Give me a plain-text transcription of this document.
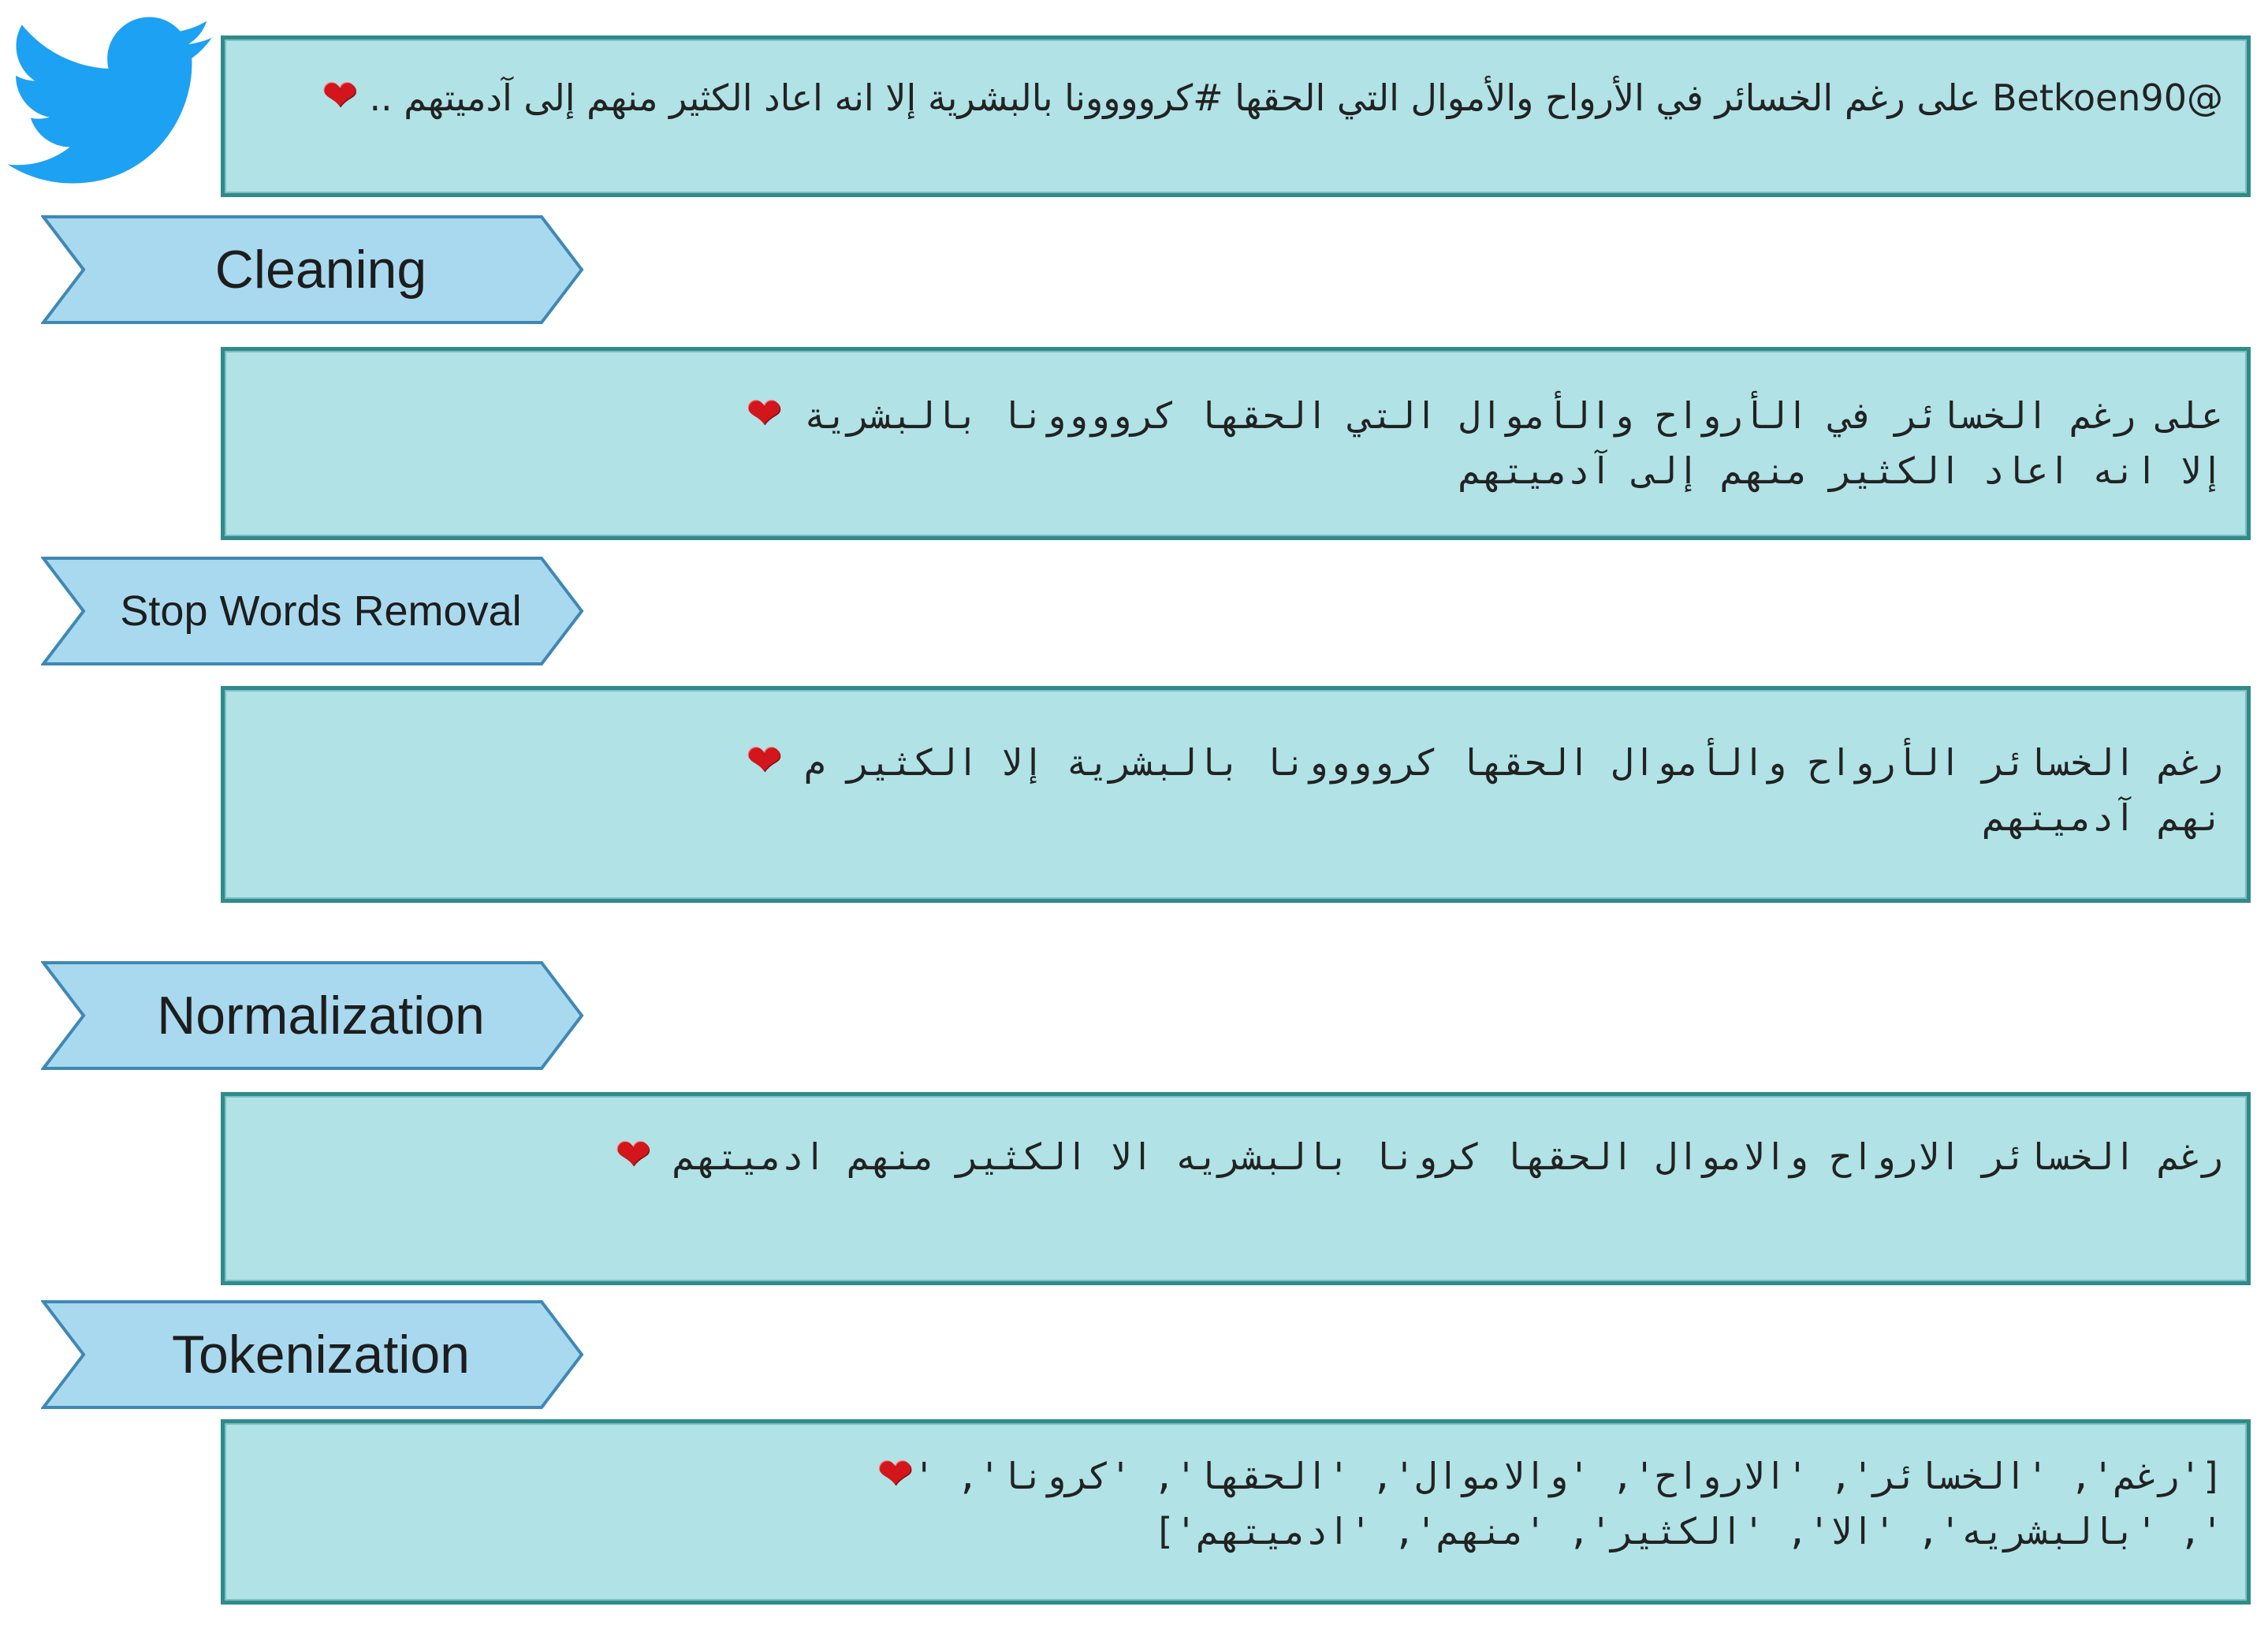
@Betkoen90 على رغم الخسائر في الأرواح والأموال التي الحقها #كروووونا بالبشرية إلا انه اعاد الكثير منهم إلى آدميتهم .. ❤
Cleaning
على رغم الخسائر في الأرواح والأموال التي الحقها كروووونا بالبشرية ❤
إلا انه اعاد الكثير منهم إلى آدميتهم
Stop Words Removal
رغم الخسائر الأرواح والأموال الحقها كروووونا بالبشرية إلا الكثير م ❤
نهم آدميتهم
Normalization
رغم الخسائر الارواح والاموال الحقها كرونا بالبشريه الا الكثير منهم ادميتهم ❤
Tokenization
['رغم', 'الخسائر', 'الارواح', 'والاموال', 'الحقها', 'كرونا', '❤
', 'بالبشريه', 'الا', 'الكثير', 'منهم', 'ادميتهم']
